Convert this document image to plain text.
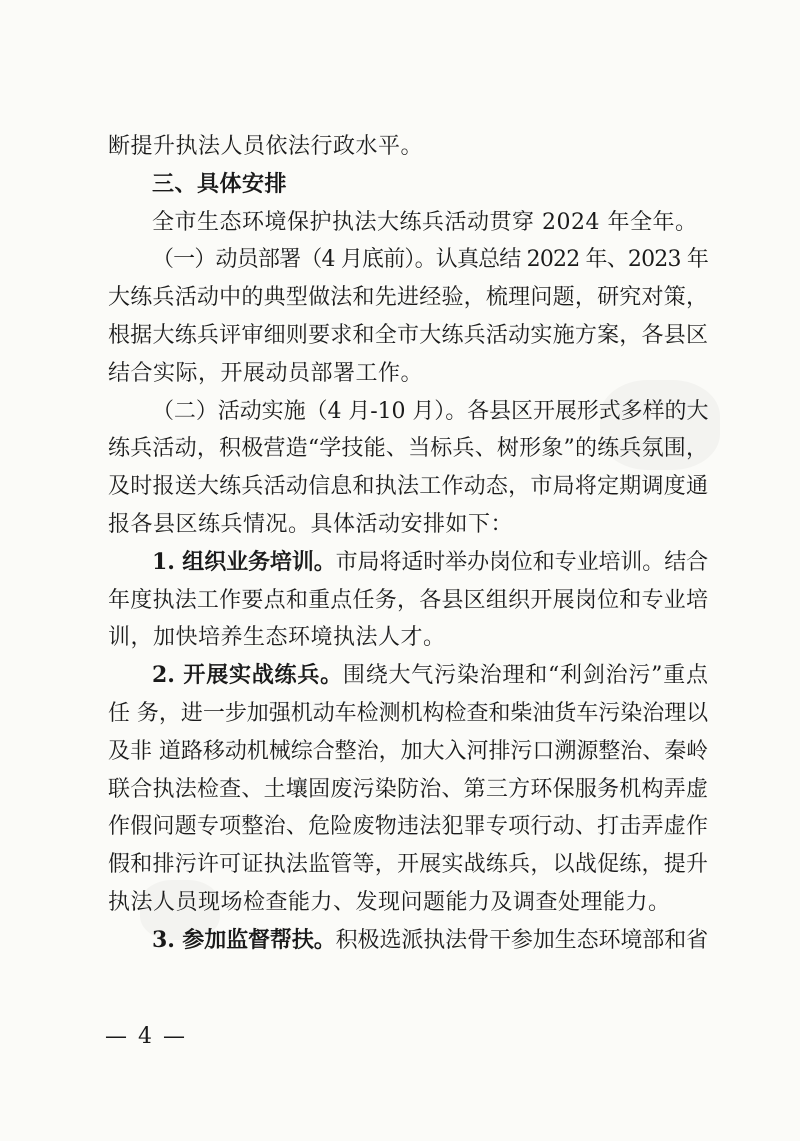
断提升执法人员依法行政水平。
三、具体安排
全市生态环境保护执法大练兵活动贯穿 2024 年全年。
（一）动员部署（4 月底前）。认真总结 2022 年、2023 年
大练兵活动中的典型做法和先进经验，梳理问题，研究对策，
根据大练兵评审细则要求和全市大练兵活动实施方案，各县区
结合实际，开展动员部署工作。
（二）活动实施（4 月-10 月）。各县区开展形式多样的大
练兵活动，积极营造“学技能、当标兵、树形象”的练兵氛围，
及时报送大练兵活动信息和执法工作动态，市局将定期调度通
报各县区练兵情况。具体活动安排如下：
1. 组织业务培训。市局将适时举办岗位和专业培训。结合
年度执法工作要点和重点任务，各县区组织开展岗位和专业培
训，加快培养生态环境执法人才。
2. 开展实战练兵。围绕大气污染治理和“利剑治污”重点
任 务，进一步加强机动车检测机构检查和柴油货车污染治理以
及非 道路移动机械综合整治，加大入河排污口溯源整治、秦岭
联合执法检查、土壤固废污染防治、第三方环保服务机构弄虚
作假问题专项整治、危险废物违法犯罪专项行动、打击弄虚作
假和排污许可证执法监管等，开展实战练兵，以战促练，提升
执法人员现场检查能力、发现问题能力及调查处理能力。
3. 参加监督帮扶。积极选派执法骨干参加生态环境部和省
— 4 —
